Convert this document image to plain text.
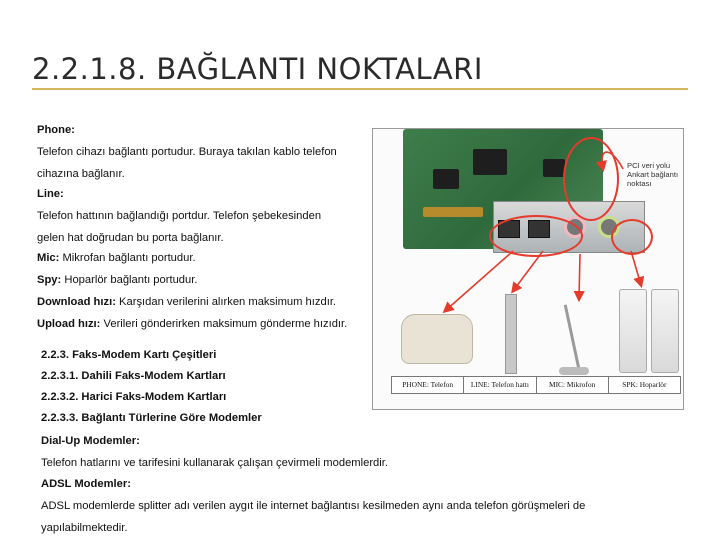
2.2.1.8. BAĞLANTI NOKTALARI
Phone:
Telefon cihazı bağlantı portudur. Buraya takılan kablo telefon
cihazına bağlanır.
Line:
Telefon hattının bağlandığı portdur. Telefon şebekesinden
gelen hat doğrudan bu porta bağlanır.
Mic: Mikrofan bağlantı portudur.
Spy: Hoparlör bağlantı portudur.
Download hızı: Karşıdan verilerini alırken maksimum hızdır.
Upload hızı: Verileri gönderirken maksimum gönderme hızıdır.
2.2.3. Faks-Modem Kartı Çeşitleri
2.2.3.1. Dahili Faks-Modem Kartları
2.2.3.2. Harici Faks-Modem Kartları
2.2.3.3. Bağlantı Türlerine Göre Modemler
Dial-Up Modemler:
Telefon hatlarını ve tarifesini kullanarak çalışan çevirmeli modemlerdir.
ADSL Modemler:
ADSL modemlerde splitter adı verilen aygıt ile internet bağlantısı kesilmeden aynı anda telefon görüşmeleri de
yapılabilmektedir.
PCI veri yolu Ankart bağlantı noktası
PHONE: Telefon	LINE: Telefon hattı	MIC: Mikrofon	SPK: Hoparlör
